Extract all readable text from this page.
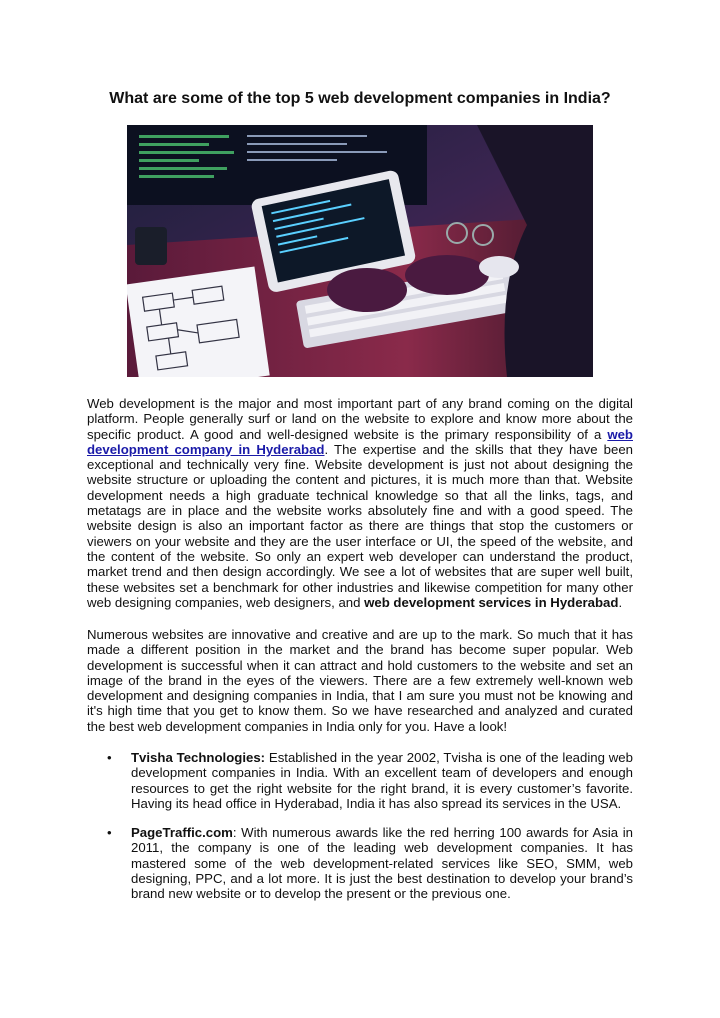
What are some of the top 5 web development companies in India?
Web development is the major and most important part of any brand coming on the digital platform. People generally surf or land on the website to explore and know more about the specific product. A good and well-designed website is the primary responsibility of a web development company in Hyderabad. The expertise and the skills that they have been exceptional and technically very fine. Website development is just not about designing the website structure or uploading the content and pictures, it is much more than that. Website development needs a high graduate technical knowledge so that all the links, tags, and metatags are in place and the website works absolutely fine and with a good speed. The website design is also an important factor as there are things that stop the customers or viewers on your website and they are the user interface or UI, the speed of the website, and the content of the website. So only an expert web developer can understand the product, market trend and then design accordingly. We see a lot of websites that are super well built, these websites set a benchmark for other industries and likewise competition for many other web designing companies, web designers, and web development services in Hyderabad.
Numerous websites are innovative and creative and are up to the mark. So much that it has made a different position in the market and the brand has become super popular. Web development is successful when it can attract and hold customers to the website and set an image of the brand in the eyes of the viewers. There are a few extremely well-known web development and designing companies in India, that I am sure you must not be knowing and it's high time that you get to know them. So we have researched and analyzed and curated the best web development companies in India only for you. Have a look!
• Tvisha Technologies: Established in the year 2002, Tvisha is one of the leading web development companies in India. With an excellent team of developers and enough resources to get the right website for the right brand, it is every customer’s favorite. Having its head office in Hyderabad, India it has also spread its services in the USA.
• PageTraffic.com: With numerous awards like the red herring 100 awards for Asia in 2011, the company is one of the leading web development companies. It has mastered some of the web development-related services like SEO, SMM, web designing, PPC, and a lot more. It is just the best destination to develop your brand’s brand new website or to develop the present or the previous one.
